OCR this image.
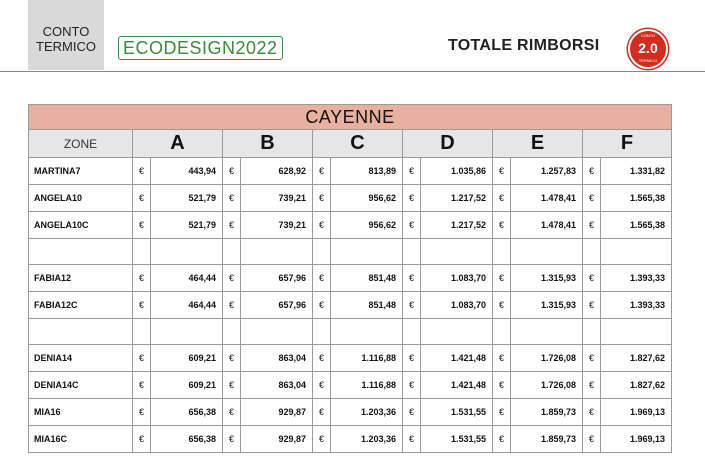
CONTO
TERMICO	ECODESIGN2022	TOTALE RIMBORSI
CONTO
2.0
TERMICO
CAYENNE												
ZONE	A		B		C		D		E		F	
MARTINA7	€	443,94	€	628,92	€	813,89	€	1.035,86	€	1.257,83	€	1.331,82
ANGELA10	€	521,79	€	739,21	€	956,62	€	1.217,52	€	1.478,41	€	1.565,38
ANGELA10C	€	521,79	€	739,21	€	956,62	€	1.217,52	€	1.478,41	€	1.565,38

FABIA12	€	464,44	€	657,96	€	851,48	€	1.083,70	€	1.315,93	€	1.393,33
FABIA12C	€	464,44	€	657,96	€	851,48	€	1.083,70	€	1.315,93	€	1.393,33

DENIA14	€	609,21	€	863,04	€	1.116,88	€	1.421,48	€	1.726,08	€	1.827,62
DENIA14C	€	609,21	€	863,04	€	1.116,88	€	1.421,48	€	1.726,08	€	1.827,62
MIA16	€	656,38	€	929,87	€	1.203,36	€	1.531,55	€	1.859,73	€	1.969,13
MIA16C	€	656,38	€	929,87	€	1.203,36	€	1.531,55	€	1.859,73	€	1.969,13
